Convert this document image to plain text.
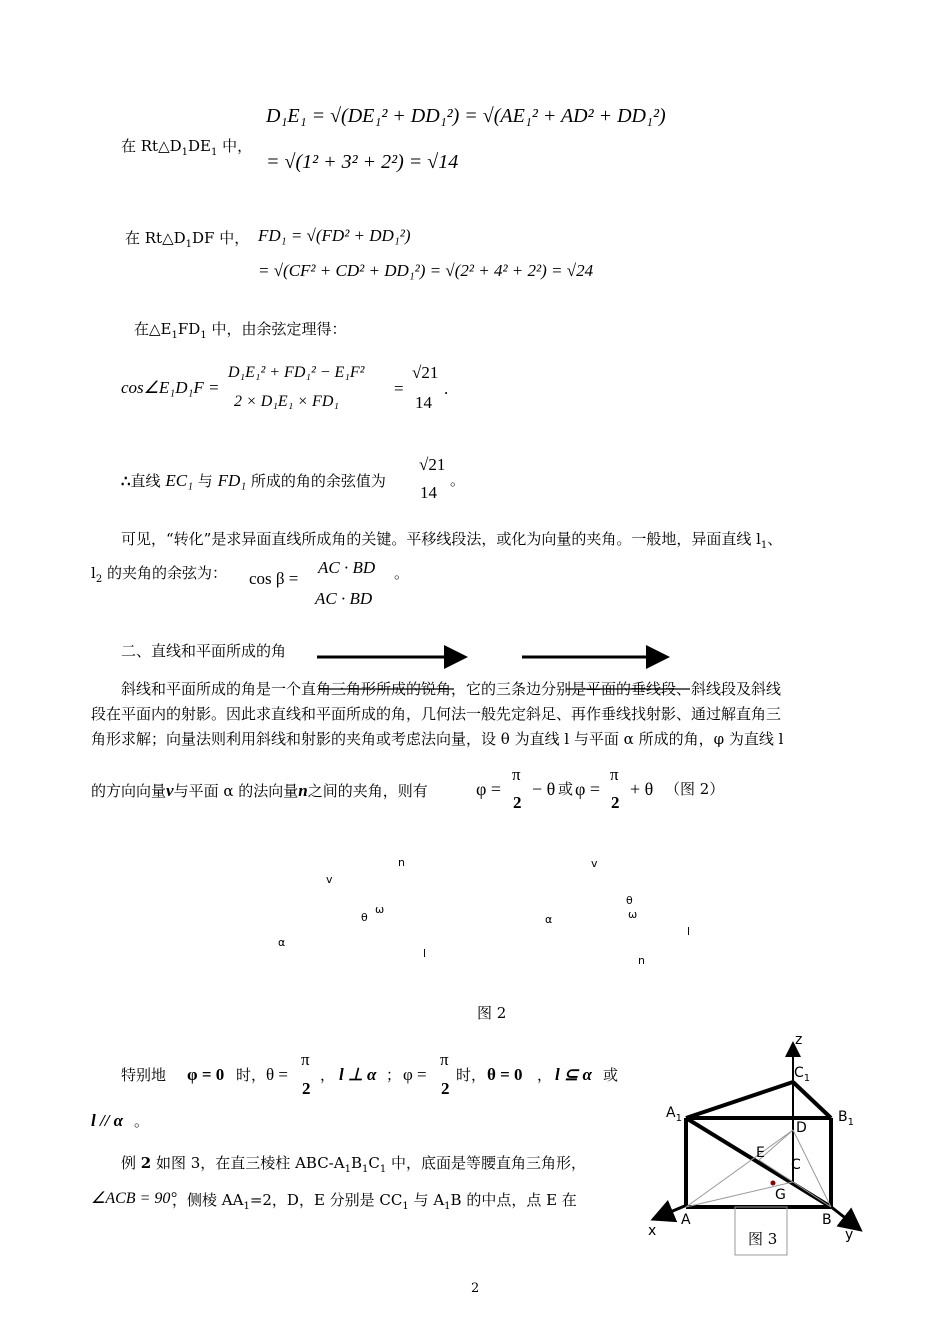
在 $Rt\triangle D_1DE_1$ 中，
D₁E₁ = √(DE₁² + DD₁²) = √(AE₁² + AD² + DD₁²)
= √(1² + 3² + 2²) = √14
在 $Rt\triangle D_1DF$ 中， FD₁ = √(FD² + DD₁²)
= √(CF² + CD² + DD₁²) = √(2² + 4² + 2²) = √24
在$\triangle E_1FD_1$ 中，由余弦定理得：
cos∠E₁D₁F =
D₁E₁² + FD₁² − E₁F²
2 × D₁E₁ × FD₁
=
√21
14
.
∴直线 EC₁ 与 FD₁ 所成的角的余弦值为
√21
14
。
可见，“转化”是求异面直线所成角的关键。平移线段法，或化为向量的夹角。一般地，异面直线 $l_1$、
$l_2$ 的夹角的余弦为： cos β =
AC · BD
AC · BD
。
二、直线和平面所成的角
斜线和平面所成的角是一个直角三角形所成的锐角，它的三条边分别是平面的垂线段、斜线段及斜线
段在平面内的射影。因此求直线和平面所成的角，几何法一般先定斜足、再作垂线找射影、通过解直角三
角形求解；向量法则利用斜线和射影的夹角或考虑法向量，设 θ 为直线 l 与平面 α 所成的角，φ 为直线 l
的方向向量v与平面 α 的法向量n之间的夹角，则有	φ =
π
2
− θ 或 φ =
π
2
+ θ （图 2）
n
v
θ
ω
α
l
v
θ
ω
α
l
n
图 2
特别地 φ = 0 时， θ =
π
2
， l ⊥ α ； φ =
π
2
时， θ = 0 ， l ⊆ α 或
l // α 。
例 2 如图 3，在直三棱柱 ABC-$A_1B_1C_1$ 中，底面是等腰直角三角形，
∠ACB = 90°
，侧棱 $AA_1=2$，D，E 分别是 $CC_1$ 与 $A_1B$ 的中点，点 E 在
z
$C_1$
$A_1$	$B_1$
D
E
C
G
A	B
x	y
图 3
2
